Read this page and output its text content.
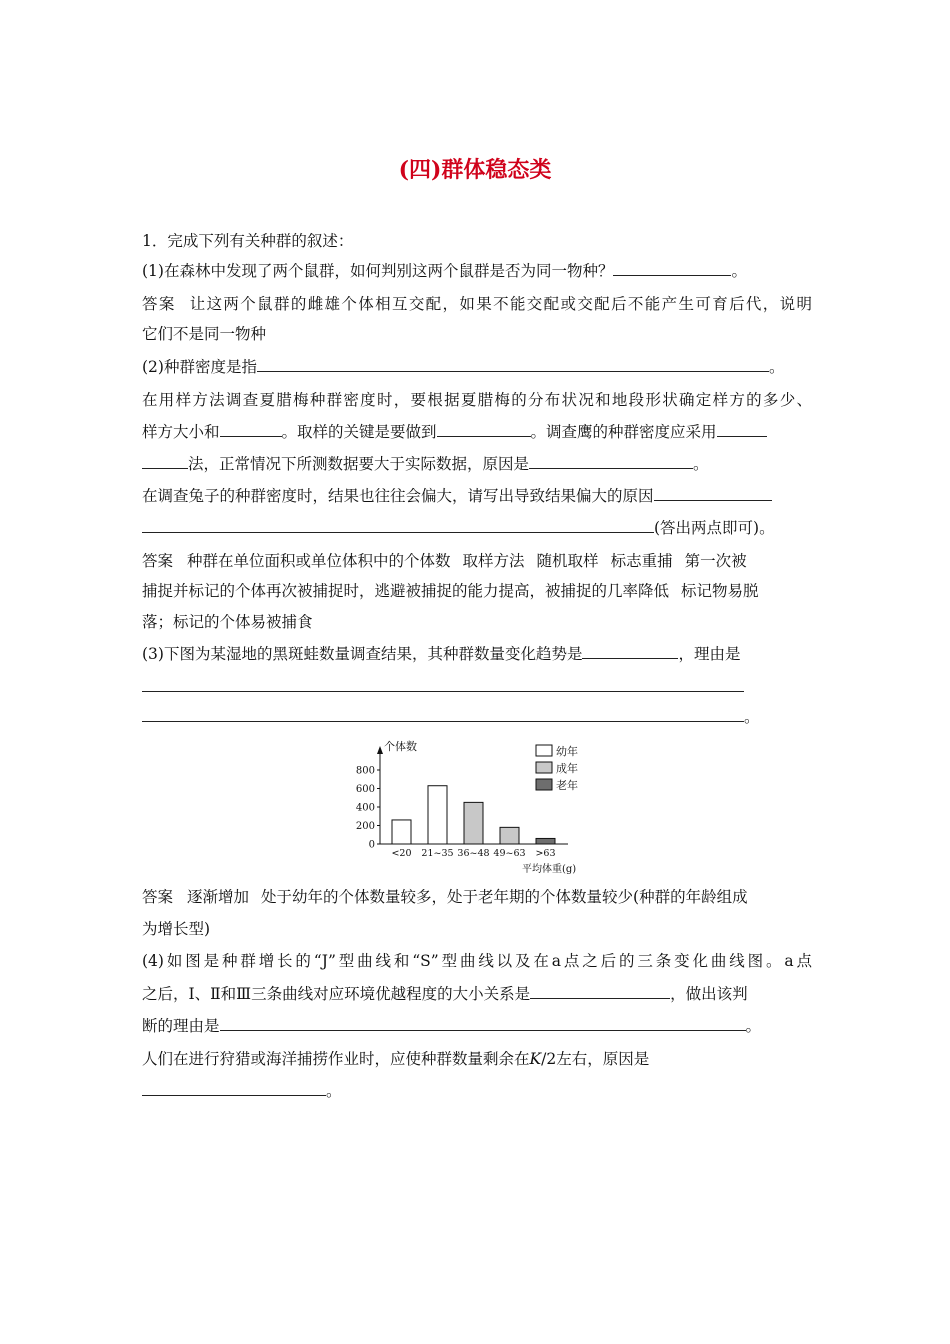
(四)群体稳态类
1．完成下列有关种群的叙述：
(1)在森林中发现了两个鼠群，如何判别这两个鼠群是否为同一物种？	。
答案 让这两个鼠群的雌雄个体相互交配，如果不能交配或交配后不能产生可育后代，说明
它们不是同一物种
(2)种群密度是指	。
在用样方法调查夏腊梅种群密度时，要根据夏腊梅的分布状况和地段形状确定样方的多少、
样方大小和	。取样的关键是要做到	。调查鹰的种群密度应采用
法，正常情况下所测数据要大于实际数据，原因是	。
在调查兔子的种群密度时，结果也往往会偏大，请写出导致结果偏大的原因
(答出两点即可)。
答案 种群在单位面积或单位体积中的个体数 取样方法 随机取样 标志重捕 第一次被
捕捉并标记的个体再次被捕捉时，逃避被捕捉的能力提高，被捕捉的几率降低 标记物易脱
落；标记的个体易被捕食
(3)下图为某湿地的黑斑蛙数量调查结果，其种群数量变化趋势是	，理由是
。
个体数
平均体重(g)
0
200
400
600
800
<20 21~35 36~48 49~63 >63
幼年
成年
老年
答案 逐渐增加 处于幼年的个体数量较多，处于老年期的个体数量较少(种群的年龄组成
为增长型)
(4)如图是种群增长的“J”型曲线和“S”型曲线以及在a点之后的三条变化曲线图。a点
之后，Ⅰ、Ⅱ和Ⅲ三条曲线对应环境优越程度的大小关系是	，做出该判
断的理由是	。
人们在进行狩猎或海洋捕捞作业时，应使种群数量剩余在K/2左右，原因是
。
